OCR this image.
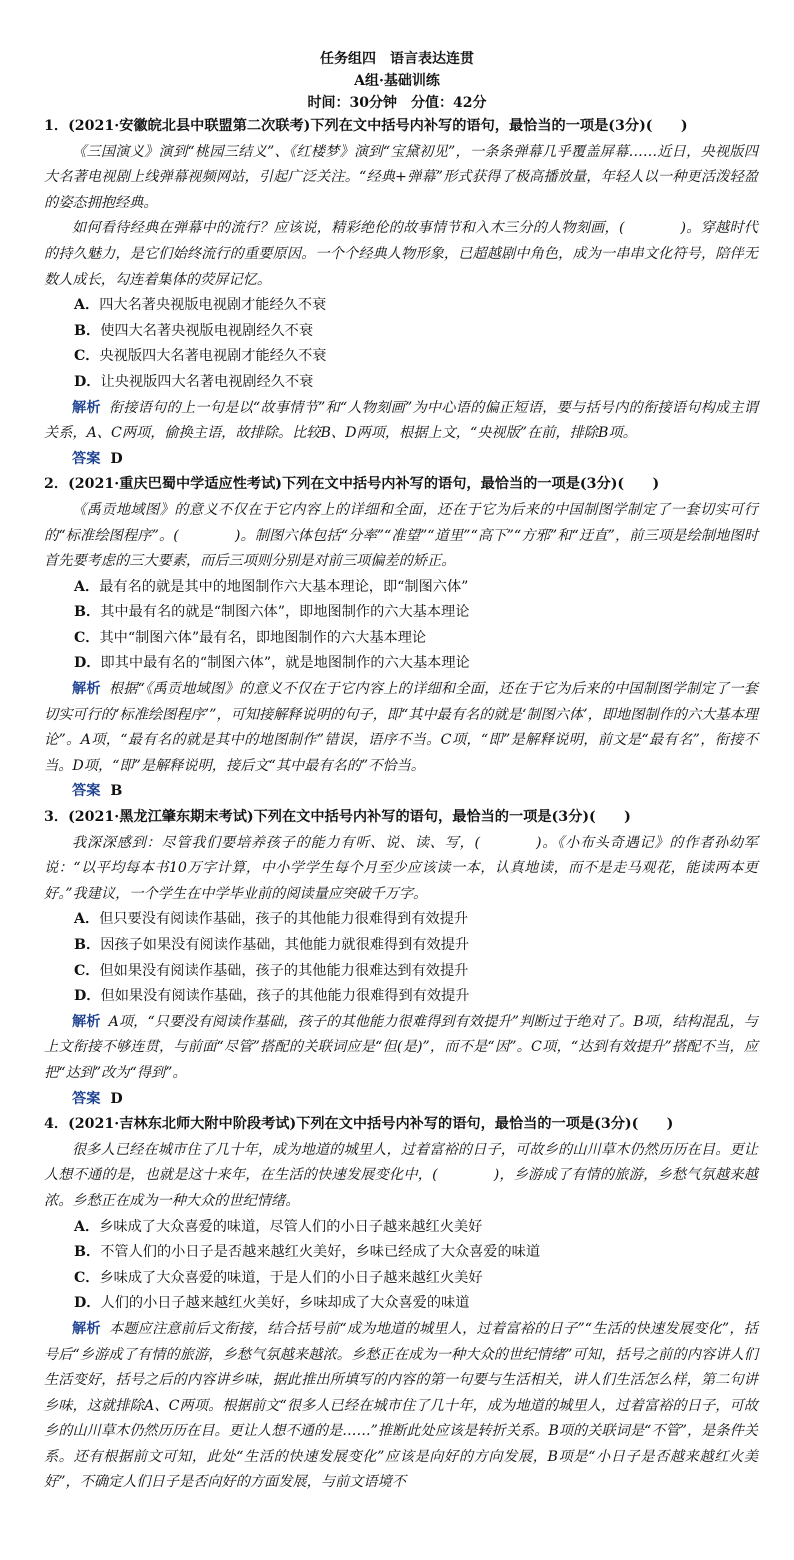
任务组四　语言表达连贯
A组·基础训练
时间：30分钟　分值：42分
1．(2021·安徽皖北县中联盟第二次联考)下列在文中括号内补写的语句，最恰当的一项是(3分)(　　)
《三国演义》演到“桃园三结义”、《红楼梦》演到“宝黛初见”，一条条弹幕几乎覆盖屏幕……近日，央视版四大名著电视剧上线弹幕视频网站，引起广泛关注。“经典+弹幕”形式获得了极高播放量，年轻人以一种更活泼轻盈的姿态拥抱经典。
如何看待经典在弹幕中的流行？应该说，精彩绝伦的故事情节和入木三分的人物刻画，(	)。穿越时代的持久魅力，是它们始终流行的重要原因。一个个经典人物形象，已超越剧中角色，成为一串串文化符号，陪伴无数人成长，勾连着集体的荧屏记忆。
A．四大名著央视版电视剧才能经久不衰
B．使四大名著央视版电视剧经久不衰
C．央视版四大名著电视剧才能经久不衰
D．让央视版四大名著电视剧经久不衰
解析 衔接语句的上一句是以“故事情节”和“人物刻画”为中心语的偏正短语，要与括号内的衔接语句构成主谓关系，A、C两项，偷换主语，故排除。比较B、D两项，根据上文，“央视版”在前，排除B项。
答案 D
2．(2021·重庆巴蜀中学适应性考试)下列在文中括号内补写的语句，最恰当的一项是(3分)(　　)
《禹贡地域图》的意义不仅在于它内容上的详细和全面，还在于它为后来的中国制图学制定了一套切实可行的“标准绘图程序”。(	)。制图六体包括“分率”“准望”“道里”“高下”“方邪”和“迂直”，前三项是绘制地图时首先要考虑的三大要素，而后三项则分别是对前三项偏差的矫正。
A．最有名的就是其中的地图制作六大基本理论，即“制图六体”
B．其中最有名的就是“制图六体”，即地图制作的六大基本理论
C．其中“制图六体”最有名，即地图制作的六大基本理论
D．即其中最有名的“制图六体”，就是地图制作的六大基本理论
解析 根据“《禹贡地域图》的意义不仅在于它内容上的详细和全面，还在于它为后来的中国制图学制定了一套切实可行的‘标准绘图程序’”，可知接解释说明的句子，即“其中最有名的就是‘制图六体’，即地图制作的六大基本理论”。A项，“最有名的就是其中的地图制作”错误，语序不当。C项，“即”是解释说明，前文是“最有名”，衔接不当。D项，“即”是解释说明，接后文“其中最有名的”不恰当。
答案 B
3．(2021·黑龙江肇东期末考试)下列在文中括号内补写的语句，最恰当的一项是(3分)(　　)
我深深感到：尽管我们要培养孩子的能力有听、说、读、写，(	)。《小布头奇遇记》的作者孙幼军说：“以平均每本书10万字计算，中小学学生每个月至少应该读一本，认真地读，而不是走马观花，能读两本更好。”我建议，一个学生在中学毕业前的阅读量应突破千万字。
A．但只要没有阅读作基础，孩子的其他能力很难得到有效提升
B．因孩子如果没有阅读作基础，其他能力就很难得到有效提升
C．但如果没有阅读作基础，孩子的其他能力很难达到有效提升
D．但如果没有阅读作基础，孩子的其他能力很难得到有效提升
解析 A项，“只要没有阅读作基础，孩子的其他能力很难得到有效提升”判断过于绝对了。B项，结构混乱，与上文衔接不够连贯，与前面“尽管”搭配的关联词应是“但(是)”，而不是“因”。C项，“达到有效提升”搭配不当，应把“达到”改为“得到”。
答案 D
4．(2021·吉林东北师大附中阶段考试)下列在文中括号内补写的语句，最恰当的一项是(3分)(　　)
很多人已经在城市住了几十年，成为地道的城里人，过着富裕的日子，可故乡的山川草木仍然历历在目。更让人想不通的是，也就是这十来年，在生活的快速发展变化中，(	)，乡游成了有情的旅游，乡愁气氛越来越浓。乡愁正在成为一种大众的世纪情绪。
A．乡味成了大众喜爱的味道，尽管人们的小日子越来越红火美好
B．不管人们的小日子是否越来越红火美好，乡味已经成了大众喜爱的味道
C．乡味成了大众喜爱的味道，于是人们的小日子越来越红火美好
D．人们的小日子越来越红火美好，乡味却成了大众喜爱的味道
解析 本题应注意前后文衔接，结合括号前“成为地道的城里人，过着富裕的日子”“生活的快速发展变化”，括号后“乡游成了有情的旅游，乡愁气氛越来越浓。乡愁正在成为一种大众的世纪情绪”可知，括号之前的内容讲人们生活变好，括号之后的内容讲乡味，据此推出所填写的内容的第一句要与生活相关，讲人们生活怎么样，第二句讲乡味，这就排除A、C两项。根据前文“很多人已经在城市住了几十年，成为地道的城里人，过着富裕的日子，可故乡的山川草木仍然历历在目。更让人想不通的是……”推断此处应该是转折关系。B项的关联词是“不管”，是条件关系。还有根据前文可知，此处“生活的快速发展变化”应该是向好的方向发展，B项是“小日子是否越来越红火美好”，不确定人们日子是否向好的方面发展，与前文语境不
